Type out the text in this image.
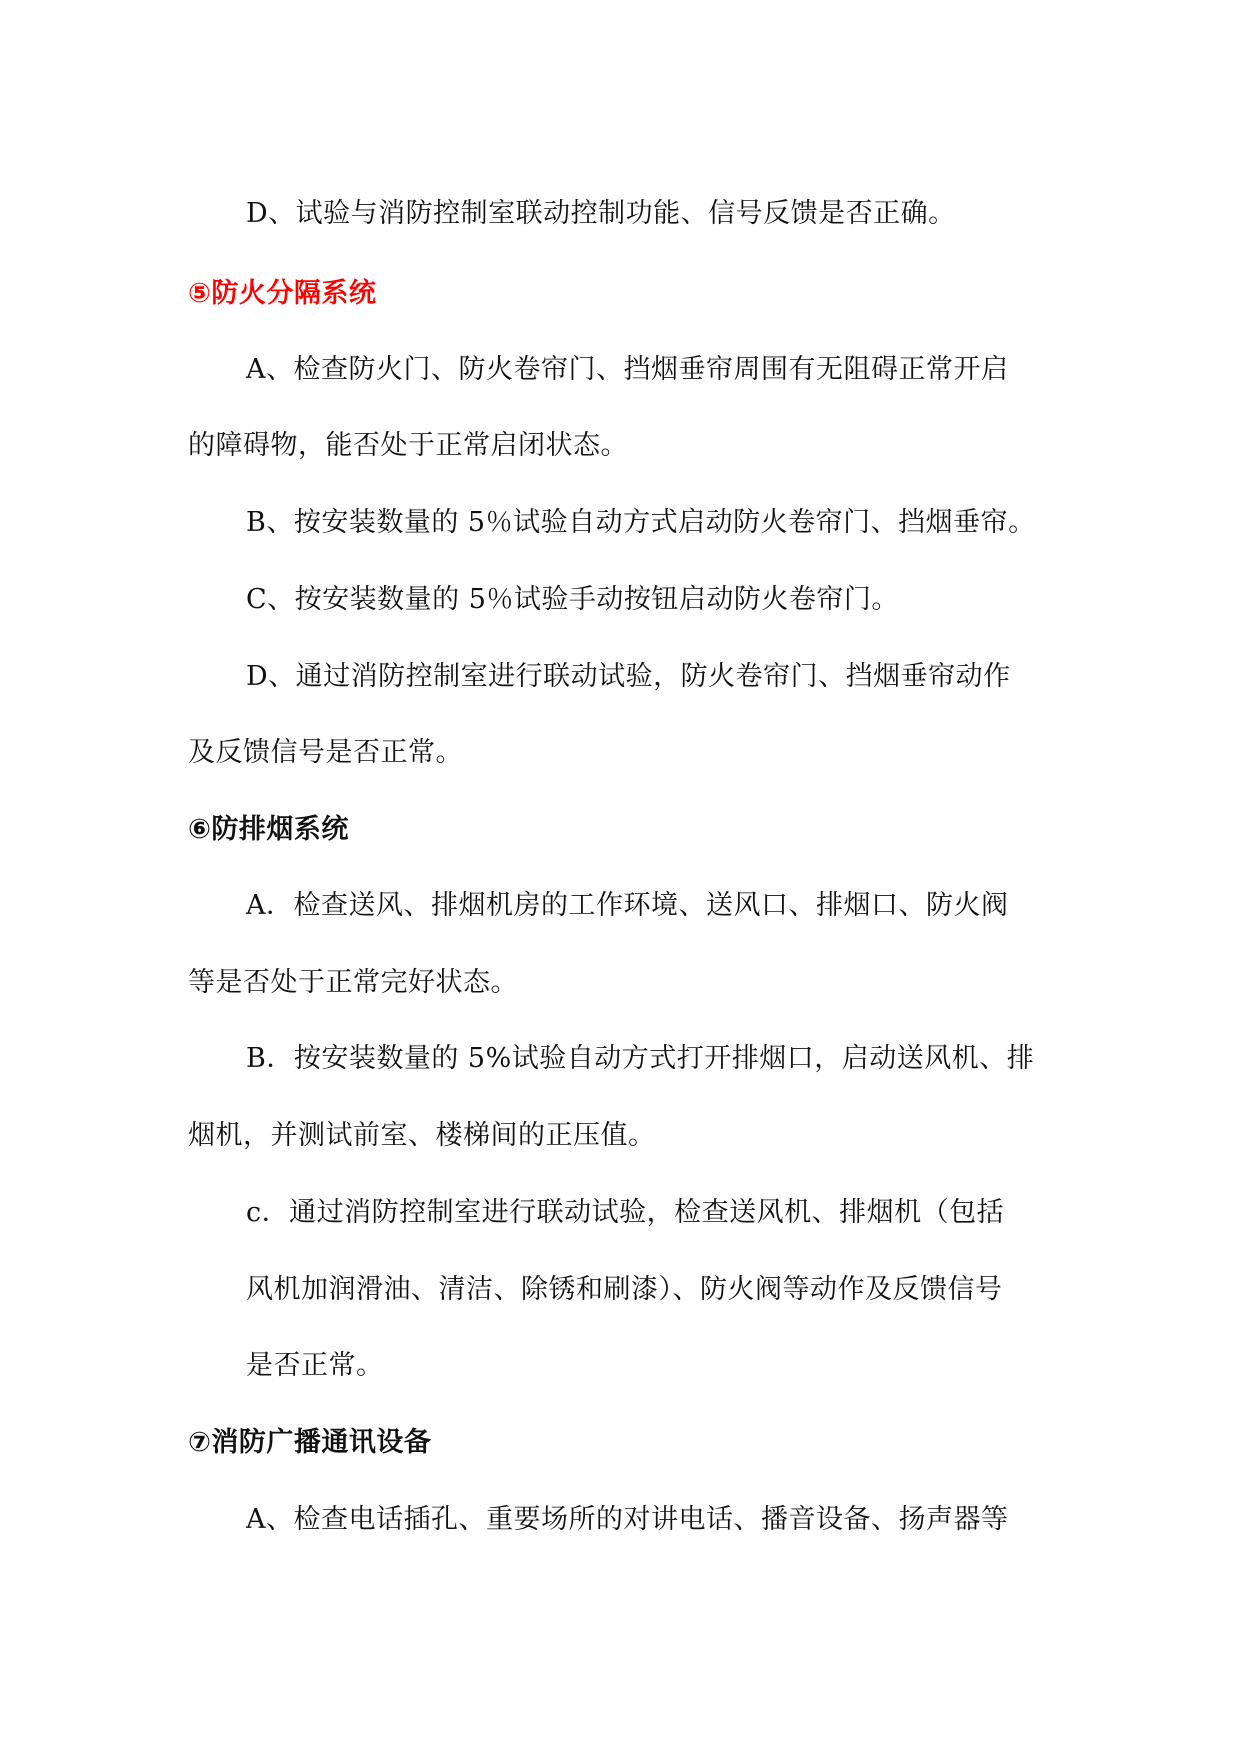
D、试验与消防控制室联动控制功能、信号反馈是否正确。
⑤防火分隔系统
A、检查防火门、防火卷帘门、挡烟垂帘周围有无阻碍正常开启
的障碍物，能否处于正常启闭状态。
B、按安装数量的 5％试验自动方式启动防火卷帘门、挡烟垂帘。
C、按安装数量的 5％试验手动按钮启动防火卷帘门。
D、通过消防控制室进行联动试验，防火卷帘门、挡烟垂帘动作
及反馈信号是否正常。
⑥防排烟系统
A．检查送风、排烟机房的工作环境、送风口、排烟口、防火阀
等是否处于正常完好状态。
B．按安装数量的 5%试验自动方式打开排烟口，启动送风机、排
烟机，并测试前室、楼梯间的正压值。
c．通过消防控制室进行联动试验，检查送风机、排烟机（包括
风机加润滑油、清洁、除锈和刷漆）、防火阀等动作及反馈信号
是否正常。
⑦消防广播通讯设备
A、检查电话插孔、重要场所的对讲电话、播音设备、扬声器等
